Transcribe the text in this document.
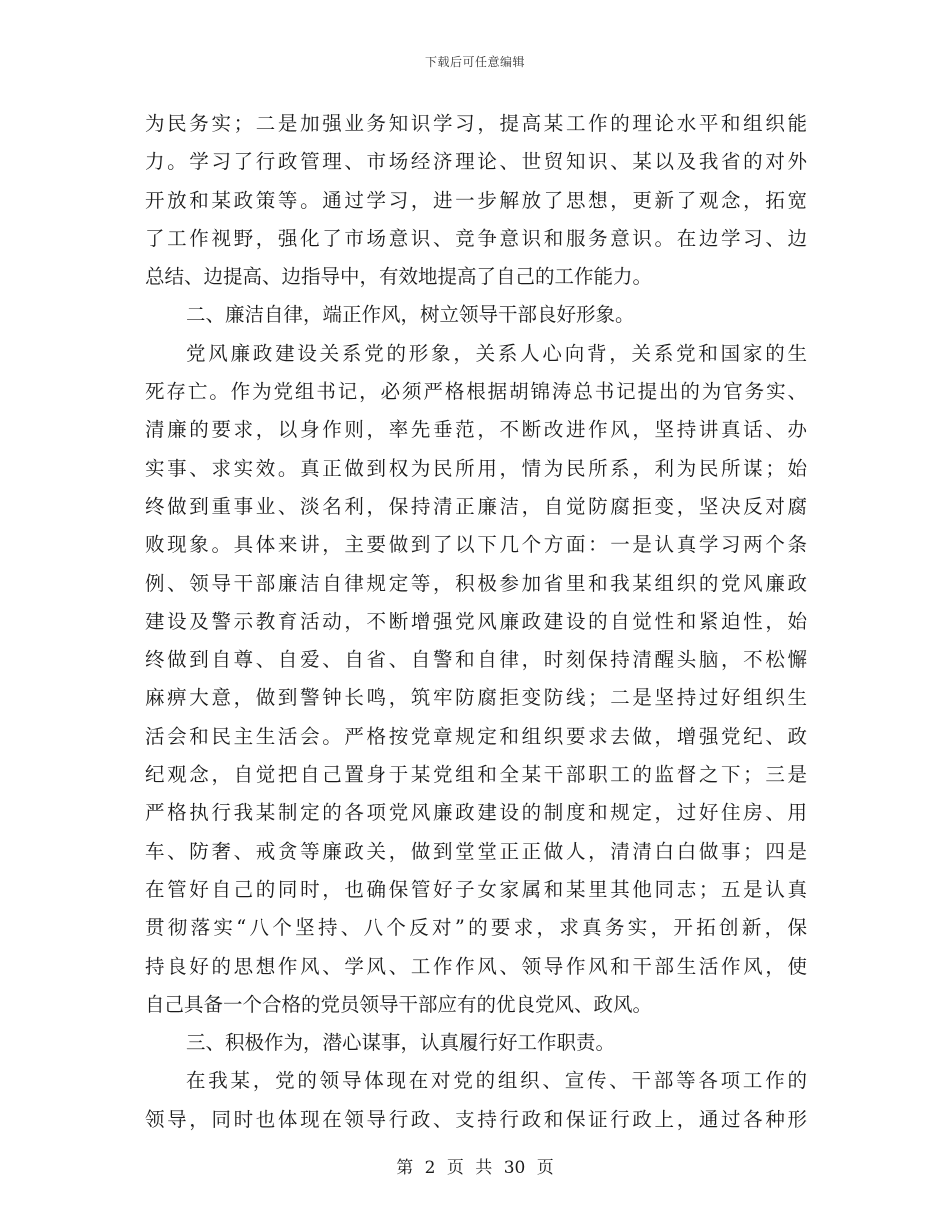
下载后可任意编辑
为民务实；二是加强业务知识学习，提高某工作的理论水平和组织能
力。学习了行政管理、市场经济理论、世贸知识、某以及我省的对外
开放和某政策等。通过学习，进一步解放了思想，更新了观念，拓宽
了工作视野，强化了市场意识、竞争意识和服务意识。在边学习、边
总结、边提高、边指导中，有效地提高了自己的工作能力。
二、廉洁自律，端正作风，树立领导干部良好形象。
党风廉政建设关系党的形象，关系人心向背，关系党和国家的生
死存亡。作为党组书记，必须严格根据胡锦涛总书记提出的为官务实、
清廉的要求，以身作则，率先垂范，不断改进作风，坚持讲真话、办
实事、求实效。真正做到权为民所用，情为民所系，利为民所谋；始
终做到重事业、淡名利，保持清正廉洁，自觉防腐拒变，坚决反对腐
败现象。具体来讲，主要做到了以下几个方面：一是认真学习两个条
例、领导干部廉洁自律规定等，积极参加省里和我某组织的党风廉政
建设及警示教育活动，不断增强党风廉政建设的自觉性和紧迫性，始
终做到自尊、自爱、自省、自警和自律，时刻保持清醒头脑，不松懈
麻痹大意，做到警钟长鸣，筑牢防腐拒变防线；二是坚持过好组织生
活会和民主生活会。严格按党章规定和组织要求去做，增强党纪、政
纪观念，自觉把自己置身于某党组和全某干部职工的监督之下；三是
严格执行我某制定的各项党风廉政建设的制度和规定，过好住房、用
车、防奢、戒贪等廉政关，做到堂堂正正做人，清清白白做事；四是
在管好自己的同时，也确保管好子女家属和某里其他同志；五是认真
贯彻落实“八个坚持、八个反对”的要求，求真务实，开拓创新，保
持良好的思想作风、学风、工作作风、领导作风和干部生活作风，使
自己具备一个合格的党员领导干部应有的优良党风、政风。
三、积极作为，潜心谋事，认真履行好工作职责。
在我某，党的领导体现在对党的组织、宣传、干部等各项工作的
领导，同时也体现在领导行政、支持行政和保证行政上，通过各种形
第 2 页 共 30 页
